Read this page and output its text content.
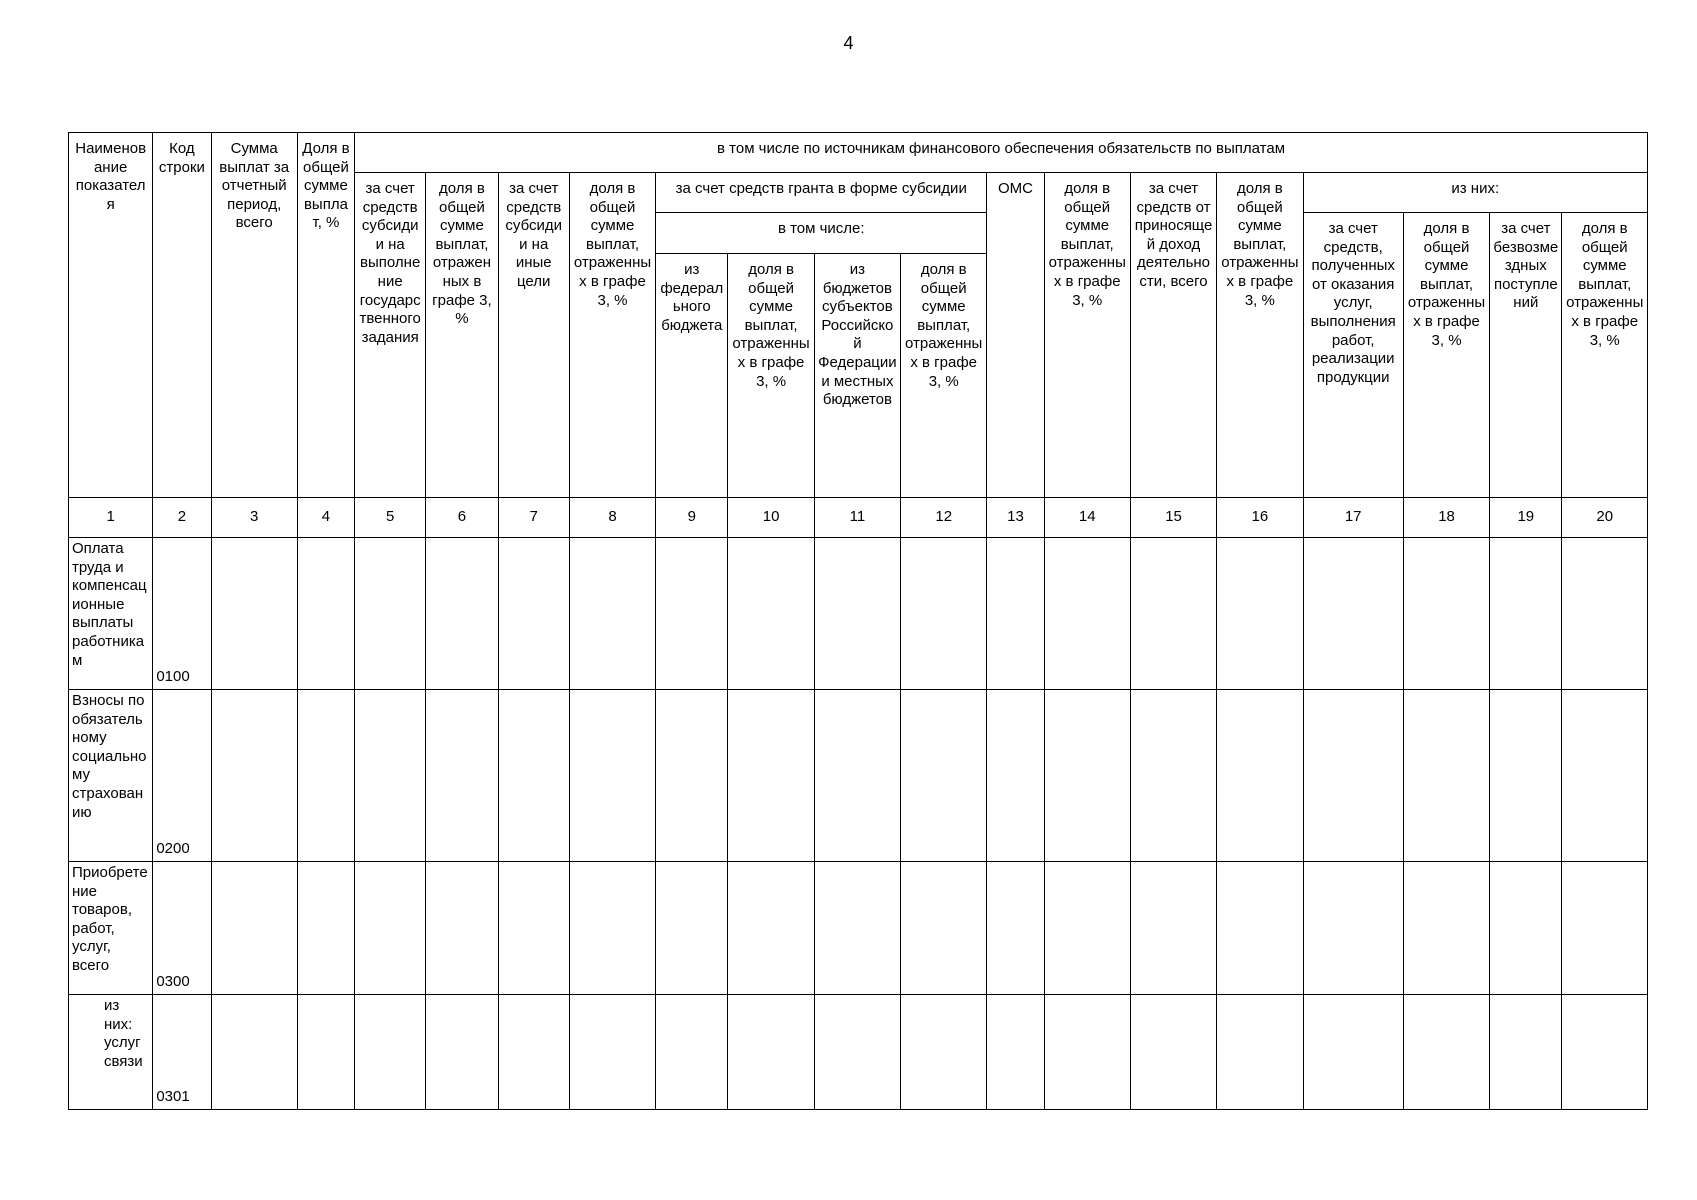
4
Наименование показателя	Код строки	Сумма выплат за отчетный период, всего	Доля в общей сумме выплат, %	в том числе по источникам финансового обеспечения обязательств по выплатам															
				за счет средств субсидии на выполнение государственного задания	доля в общей сумме выплат, отраженных в графе 3, %	за счет средств субсидии на иные цели	доля в общей сумме выплат, отраженных в графе 3, %	за счет средств гранта в форме субсидии				ОМС	доля в общей сумме выплат, отраженных в графе 3, %	за счет средств от приносящей доход деятельности, всего	доля в общей сумме выплат, отраженных в графе 3, %	из них:			
								в том числе:								за счет средств, полученных от оказания услуг, выполнения работ, реализации продукции	доля в общей сумме выплат, отраженных в графе 3, %	за счет безвозмездных поступлений	доля в общей сумме выплат, отраженных в графе 3, %
								из федерального бюджета	доля в общей сумме выплат, отраженных в графе 3, %	из бюджетов субъектов Российской Федерации и местных бюджетов	доля в общей сумме выплат, отраженных в графе 3, %								
1	2	3	4	5	6	7	8	9	10	11	12	13	14	15	16	17	18	19	20
Оплата труда и компенсационные выплаты работникам	0100																		
Взносы по обязательному социальному страхованию	0200																		
Приобретение товаров, работ, услуг, всего	0300																		
из них: услуг связи	0301																		
